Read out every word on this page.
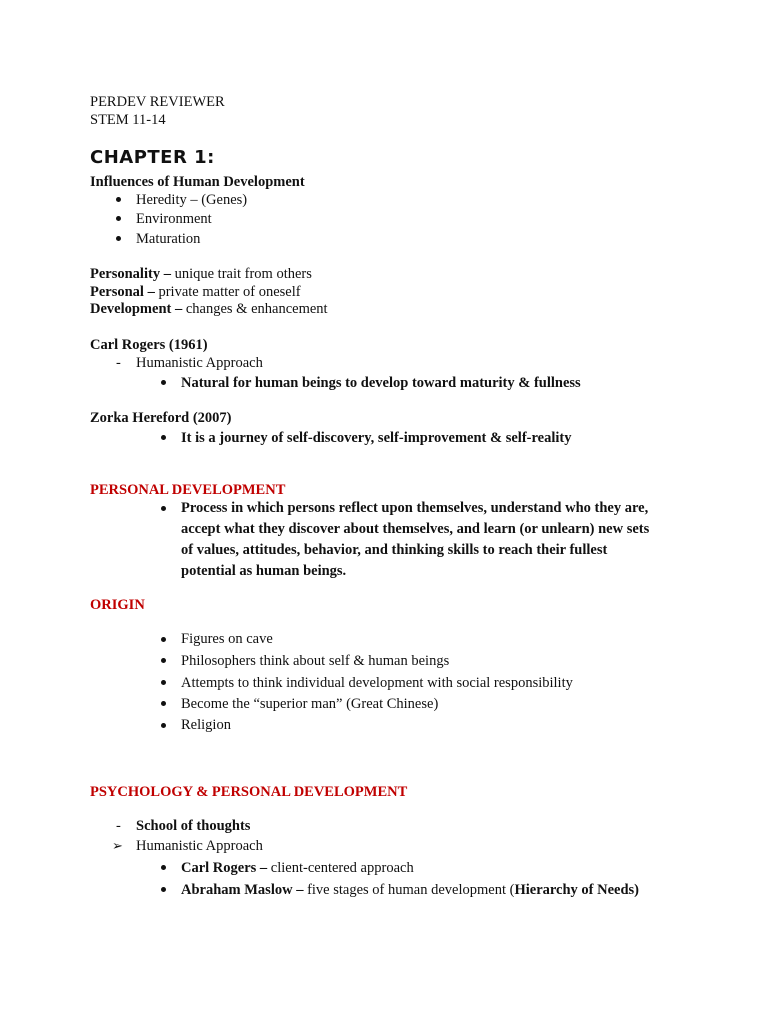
PERDEV REVIEWER
STEM 11-14
CHAPTER 1:
Influences of Human Development
Heredity – (Genes)
Environment
Maturation
Personality – unique trait from others
Personal – private matter of oneself
Development – changes & enhancement
Carl Rogers (1961)
- Humanistic Approach
Natural for human beings to develop toward maturity & fullness
Zorka Hereford (2007)
It is a journey of self-discovery, self-improvement & self-reality
PERSONAL DEVELOPMENT
Process in which persons reflect upon themselves, understand who they are,
accept what they discover about themselves, and learn (or unlearn) new sets
of values, attitudes, behavior, and thinking skills to reach their fullest
potential as human beings.
ORIGIN
Figures on cave
Philosophers think about self & human beings
Attempts to think individual development with social responsibility
Become the “superior man” (Great Chinese)
Religion
PSYCHOLOGY & PERSONAL DEVELOPMENT
- School of thoughts
➢ Humanistic Approach
Carl Rogers – client-centered approach
Abraham Maslow – five stages of human development (Hierarchy of Needs)
